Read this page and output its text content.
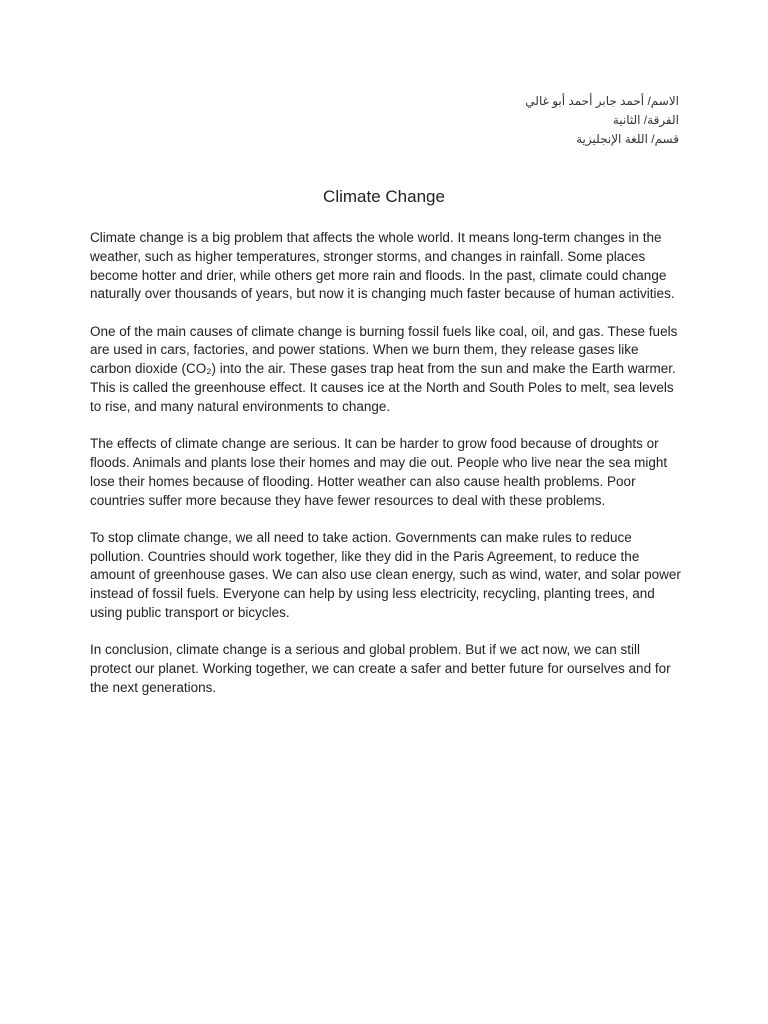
الاسم/ أحمد جابر أحمد أبو غالي
الفرقة/ الثانية
قسم/ اللغة الإنجليزية
Climate Change

Climate change is a big problem that affects the whole world. It means long-term changes in the weather, such as higher temperatures, stronger storms, and changes in rainfall. Some places become hotter and drier, while others get more rain and floods. In the past, climate could change naturally over thousands of years, but now it is changing much faster because of human activities.

One of the main causes of climate change is burning fossil fuels like coal, oil, and gas. These fuels are used in cars, factories, and power stations. When we burn them, they release gases like carbon dioxide (CO₂) into the air. These gases trap heat from the sun and make the Earth warmer. This is called the greenhouse effect. It causes ice at the North and South Poles to melt, sea levels to rise, and many natural environments to change.

The effects of climate change are serious. It can be harder to grow food because of droughts or floods. Animals and plants lose their homes and may die out. People who live near the sea might lose their homes because of flooding. Hotter weather can also cause health problems. Poor countries suffer more because they have fewer resources to deal with these problems.

To stop climate change, we all need to take action. Governments can make rules to reduce pollution. Countries should work together, like they did in the Paris Agreement, to reduce the amount of greenhouse gases. We can also use clean energy, such as wind, water, and solar power instead of fossil fuels. Everyone can help by using less electricity, recycling, planting trees, and using public transport or bicycles.

In conclusion, climate change is a serious and global problem. But if we act now, we can still protect our planet. Working together, we can create a safer and better future for ourselves and for the next generations.
